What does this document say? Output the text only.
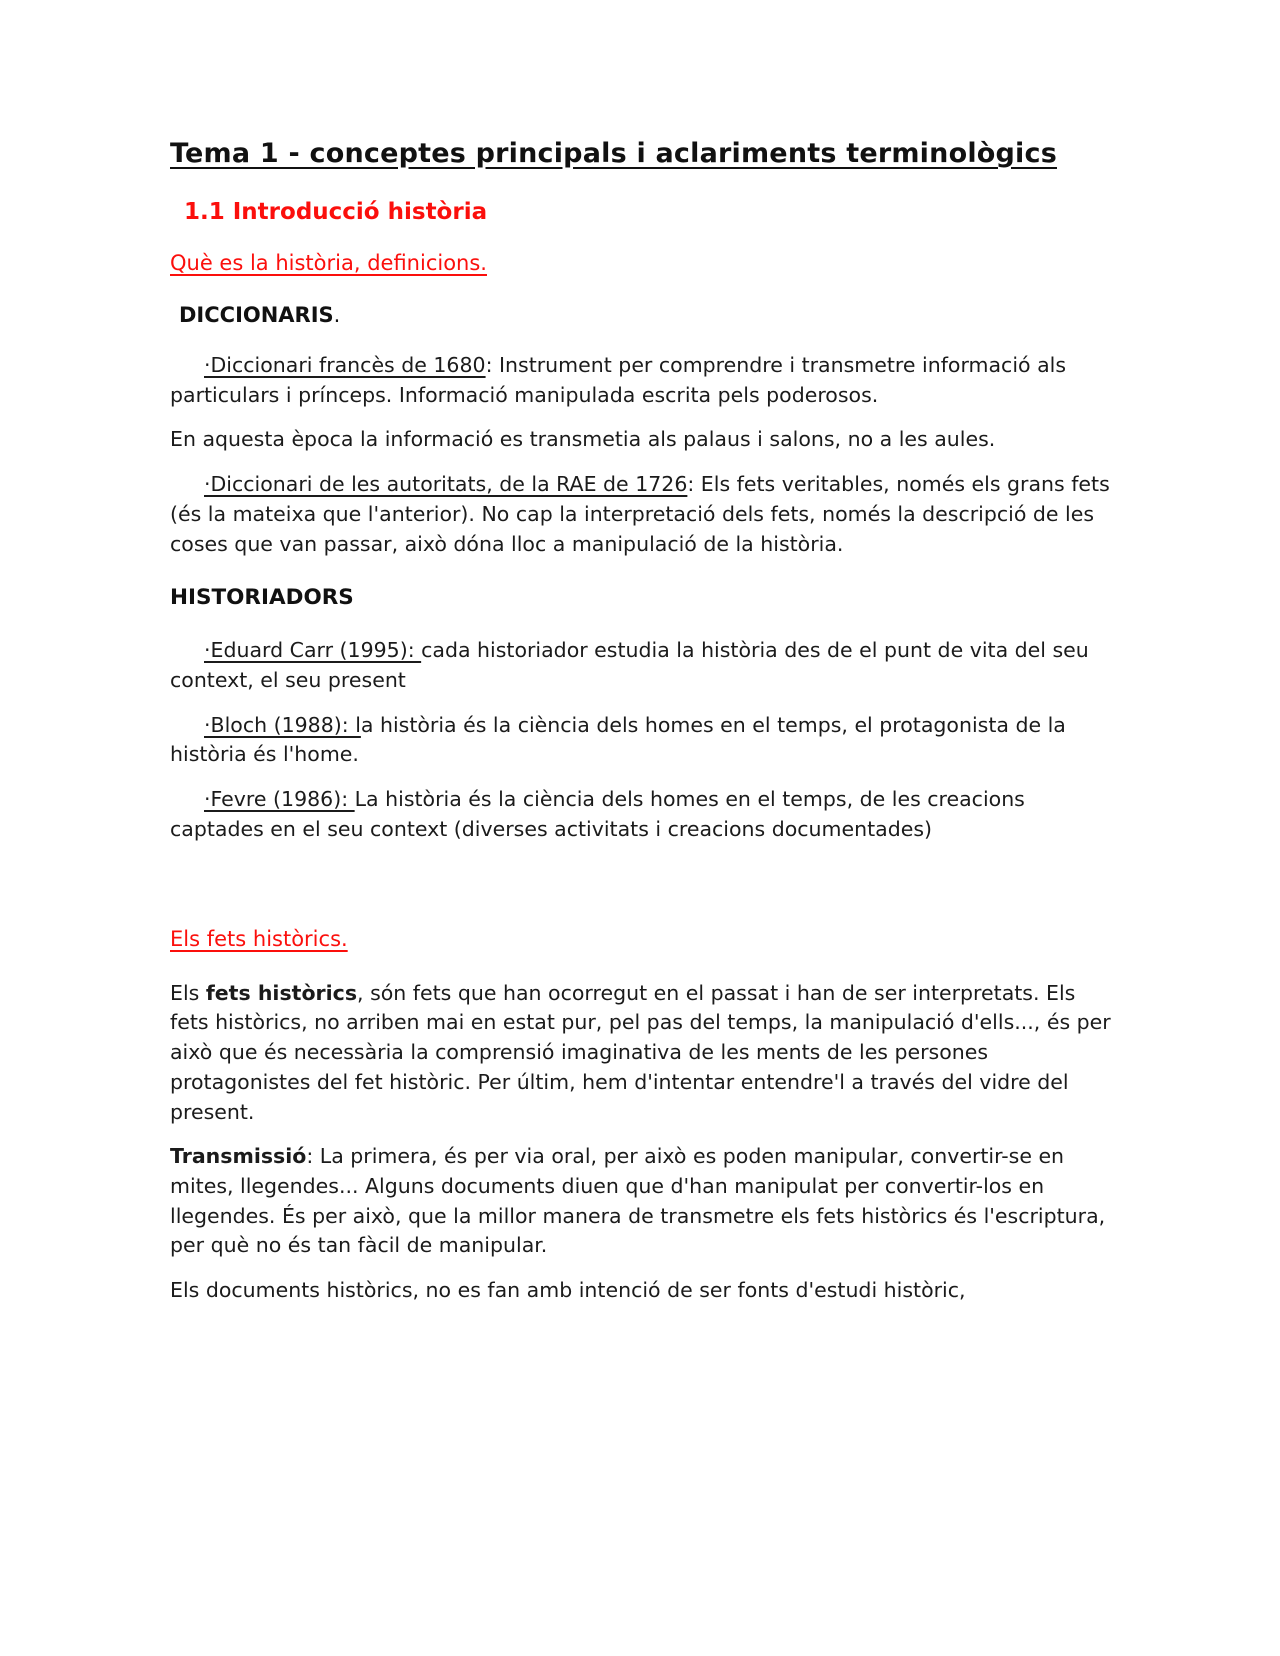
Tema 1 - conceptes principals i aclariments terminològics
1.1 Introducció història
Què es la història, definicions.
DICCIONARIS.

·Diccionari francès de 1680: Instrument per comprendre i transmetre informació als particulars i prínceps. Informació manipulada escrita pels poderosos.

En aquesta època la informació es transmetia als palaus i salons, no a les aules.

·Diccionari de les autoritats, de la RAE de 1726: Els fets veritables, només els grans fets (és la mateixa que l'anterior). No cap la interpretació dels fets, només la descripció de les coses que van passar, això dóna lloc a manipulació de la història.

HISTORIADORS

·Eduard Carr (1995): cada historiador estudia la història des de el punt de vita del seu context, el seu present

·Bloch (1988): la història és la ciència dels homes en el temps, el protagonista de la història és l'home.

·Fevre (1986): La història és la ciència dels homes en el temps, de les creacions captades en el seu context (diverses activitats i creacions documentades)

Els fets històrics.

Els fets històrics, són fets que han ocorregut en el passat i han de ser interpretats. Els fets històrics, no arriben mai en estat pur, pel pas del temps, la manipulació d'ells..., és per això que és necessària la comprensió imaginativa de les ments de les persones protagonistes del fet històric. Per últim, hem d'intentar entendre'l a través del vidre del present.

Transmissió: La primera, és per via oral, per això es poden manipular, convertir-se en mites, llegendes... Alguns documents diuen que d'han manipulat per convertir-los en llegendes. És per això, que la millor manera de transmetre els fets històrics és l'escriptura, per què no és tan fàcil de manipular.

Els documents històrics, no es fan amb intenció de ser fonts d'estudi històric,
